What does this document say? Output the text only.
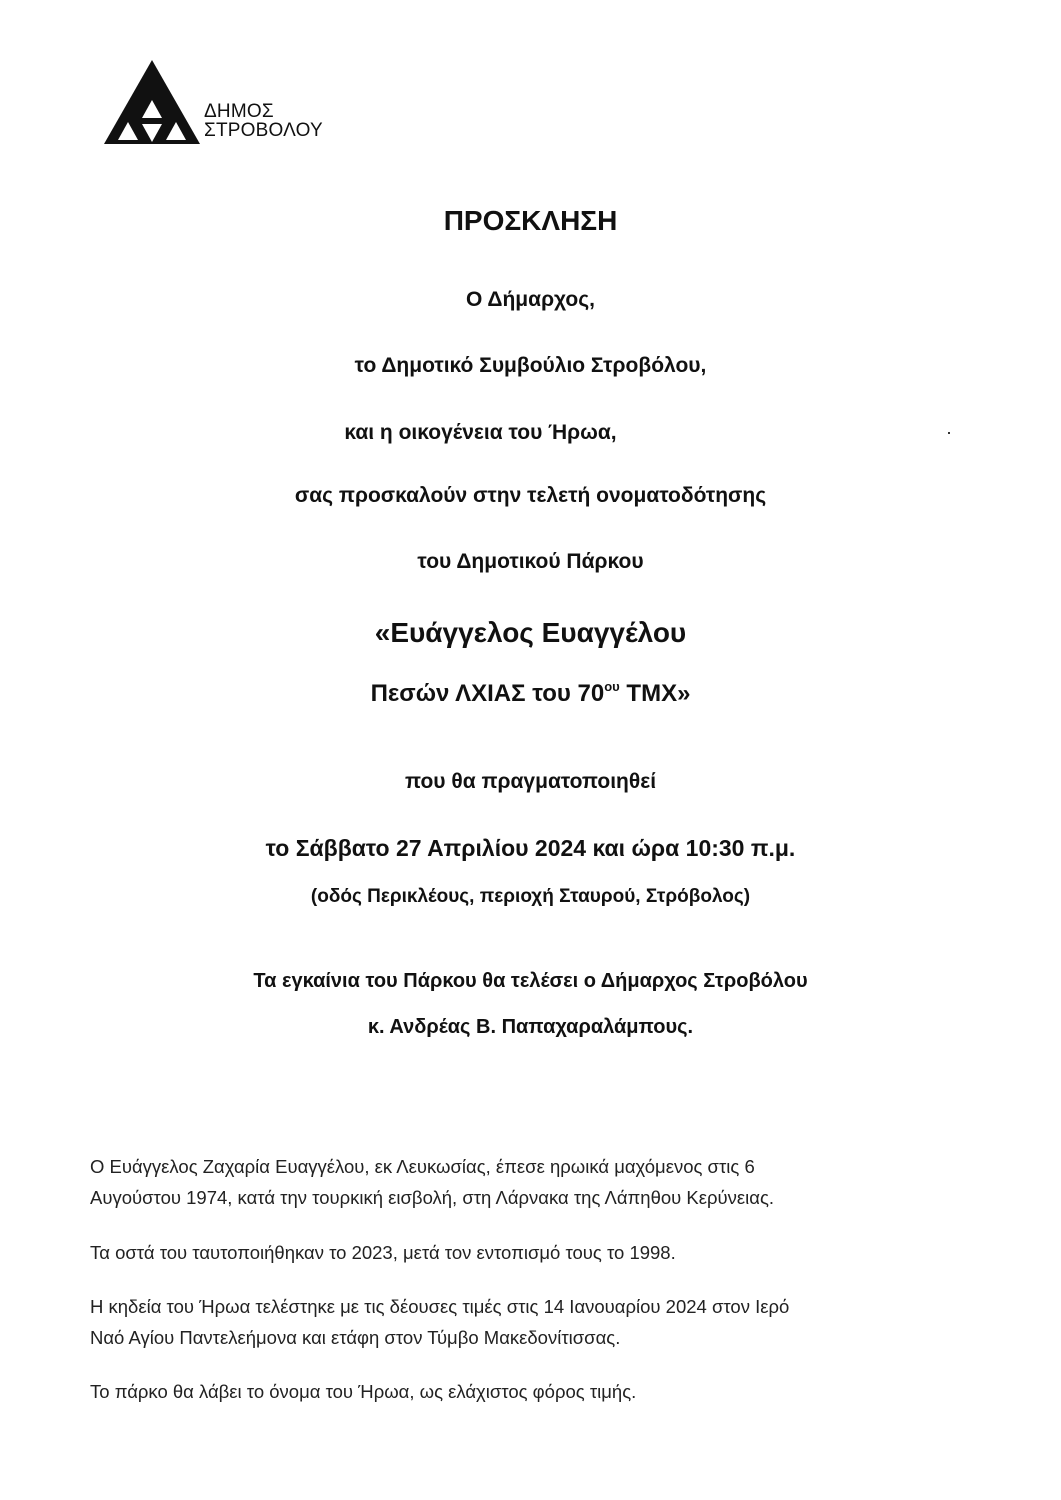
ΔΗΜΟΣ
ΣΤΡΟΒΟΛΟΥ
ΠΡΟΣΚΛΗΣΗ
Ο Δήμαρχος,
το Δημοτικό Συμβούλιο Στροβόλου,
και η οικογένεια του Ήρωα,
σας προσκαλούν στην τελετή ονοματοδότησης
του Δημοτικού Πάρκου
«Ευάγγελος Ευαγγέλου
Πεσών ΛΧΙΑΣ του $70^{o\upsilon}$ ΤΜΧ»
που θα πραγματοποιηθεί
το Σάββατο 27 Απριλίου 2024 και ώρα 10:30 π.μ.
(οδός Περικλέους, περιοχή Σταυρού, Στρόβολος)
Τα εγκαίνια του Πάρκου θα τελέσει ο Δήμαρχος Στροβόλου
κ. Ανδρέας Β. Παπαχαραλάμπους.
Ο Ευάγγελος Ζαχαρία Ευαγγέλου, εκ Λευκωσίας, έπεσε ηρωικά μαχόμενος στις 6
Αυγούστου 1974, κατά την τουρκική εισβολή, στη Λάρνακα της Λάπηθου Κερύνειας.
Τα οστά του ταυτοποιήθηκαν το 2023, μετά τον εντοπισμό τους το 1998.
Η κηδεία του Ήρωα τελέστηκε με τις δέουσες τιμές στις 14 Ιανουαρίου 2024 στον Ιερό
Ναό Αγίου Παντελεήμονα και ετάφη στον Τύμβο Μακεδονίτισσας.
Το πάρκο θα λάβει το όνομα του Ήρωα, ως ελάχιστος φόρος τιμής.
